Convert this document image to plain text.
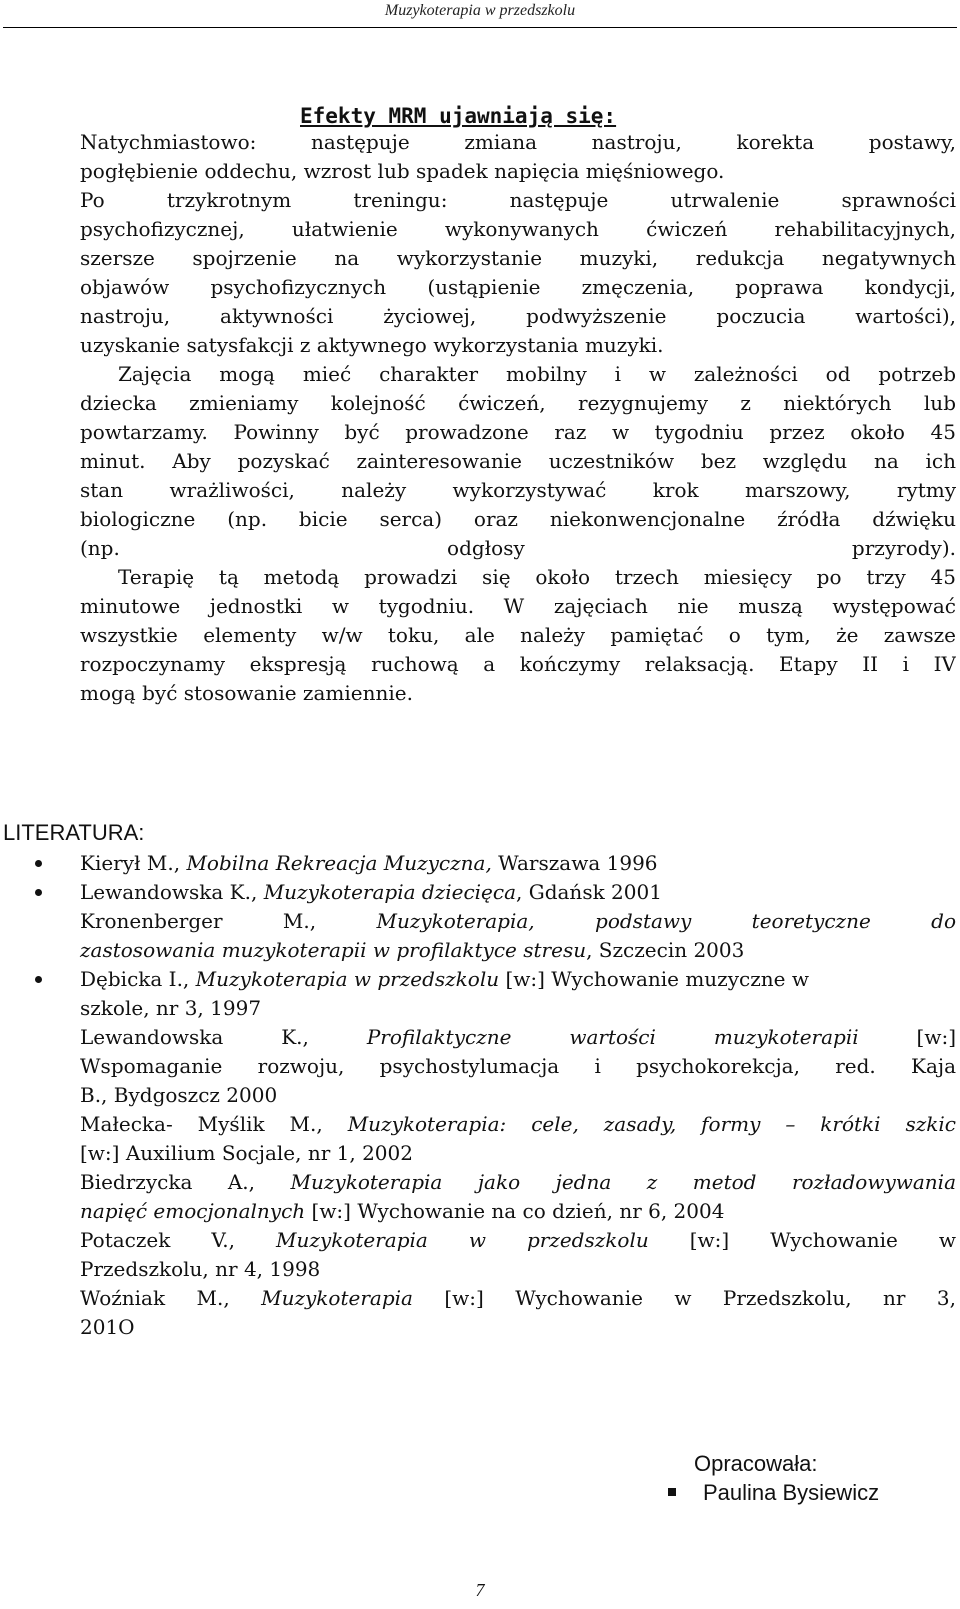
Muzykoterapia w przedszkolu
Efekty MRM ujawniają się:
Natychmiastowo: następuje zmiana nastroju, korekta postawy,
pogłębienie oddechu, wzrost lub spadek napięcia mięśniowego.
Po trzykrotnym treningu: następuje utrwalenie sprawności
psychofizycznej, ułatwienie wykonywanych ćwiczeń rehabilitacyjnych,
szersze spojrzenie na wykorzystanie muzyki, redukcja negatywnych
objawów psychofizycznych (ustąpienie zmęczenia, poprawa kondycji,
nastroju, aktywności życiowej, podwyższenie poczucia wartości),
uzyskanie satysfakcji z aktywnego wykorzystania muzyki.
Zajęcia mogą mieć charakter mobilny i w zależności od potrzeb
dziecka zmieniamy kolejność ćwiczeń, rezygnujemy z niektórych lub
powtarzamy. Powinny być prowadzone raz w tygodniu przez około 45
minut. Aby pozyskać zainteresowanie uczestników bez względu na ich
stan wrażliwości, należy wykorzystywać krok marszowy, rytmy
biologiczne (np. bicie serca) oraz niekonwencjonalne źródła dźwięku
(np. odgłosy przyrody).
Terapię tą metodą prowadzi się około trzech miesięcy po trzy 45
minutowe jednostki w tygodniu. W zajęciach nie muszą występować
wszystkie elementy w/w toku, ale należy pamiętać o tym, że zawsze
rozpoczynamy ekspresją ruchową a kończymy relaksacją. Etapy II i IV
mogą być stosowanie zamiennie.
LITERATURA:
Kierył M., Mobilna Rekreacja Muzyczna, Warszawa 1996
Lewandowska K., Muzykoterapia dziecięca, Gdańsk 2001
Kronenberger M., Muzykoterapia, podstawy teoretyczne do
zastosowania muzykoterapii w profilaktyce stresu, Szczecin 2003
Dębicka I., Muzykoterapia w przedszkolu [w:] Wychowanie muzyczne w
szkole, nr 3, 1997
Lewandowska K., Profilaktyczne wartości muzykoterapii	[w:]
Wspomaganie rozwoju, psychostylumacja i psychokorekcja, red. Kaja
B., Bydgoszcz 2000
Małecka- Myślik M., Muzykoterapia: cele, zasady, formy – krótki szkic
[w:] Auxilium Socjale, nr 1, 2002
Biedrzycka A., Muzykoterapia jako jedna z metod rozładowywania
napięć emocjonalnych [w:] Wychowanie na co dzień, nr 6, 2004
Potaczek V., Muzykoterapia w przedszkolu [w:] Wychowanie w
Przedszkolu, nr 4, 1998
Woźniak M., Muzykoterapia [w:] Wychowanie w Przedszkolu, nr 3,
201O
Opracowała:
Paulina Bysiewicz
7
